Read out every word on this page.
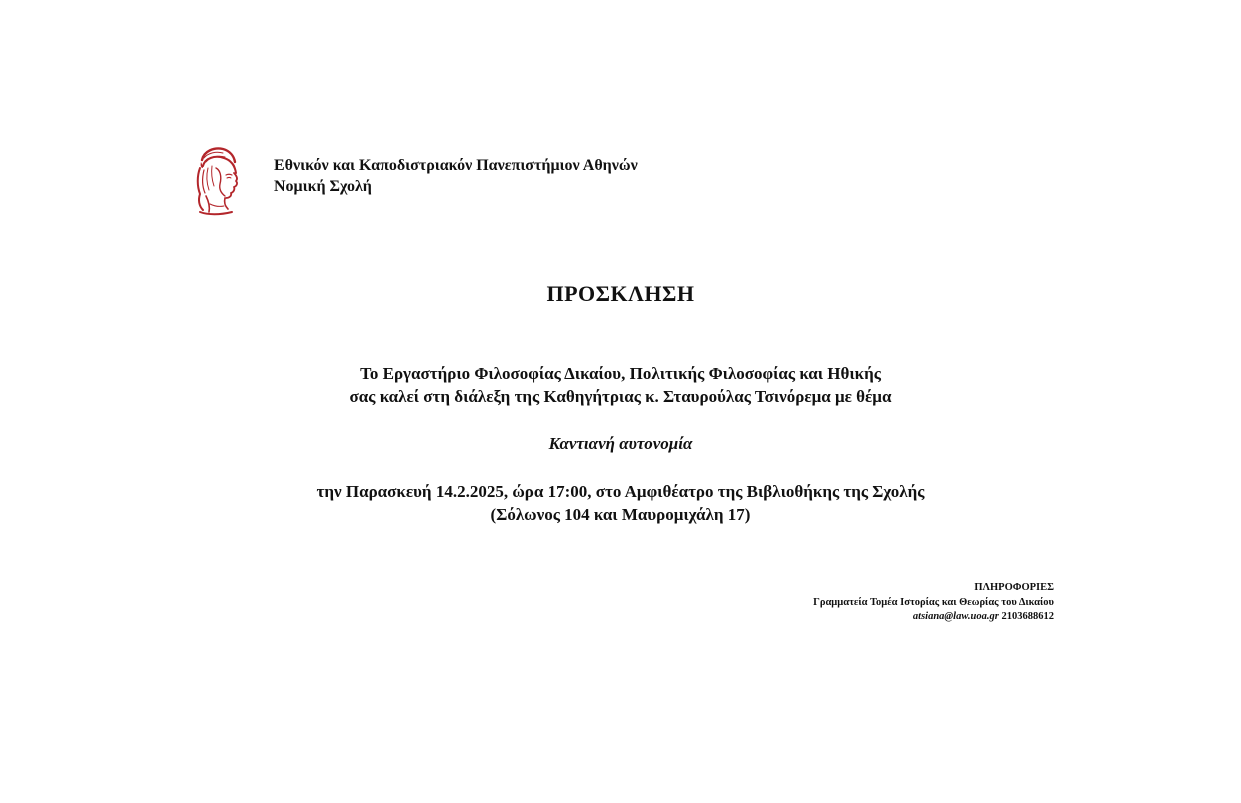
Εθνικόν και Καποδιστριακόν Πανεπιστήμιον Αθηνών
Νομική Σχολή
ΠΡΟΣΚΛΗΣΗ
Το Εργαστήριο Φιλοσοφίας Δικαίου, Πολιτικής Φιλοσοφίας και Ηθικής
σας καλεί στη διάλεξη της Καθηγήτριας κ. Σταυρούλας Τσινόρεμα με θέμα
Καντιανή αυτονομία
την Παρασκευή 14.2.2025, ώρα 17:00, στο Αμφιθέατρο της Βιβλιοθήκης της Σχολής
(Σόλωνος 104 και Μαυρομιχάλη 17)
ΠΛΗΡΟΦΟΡΙΕΣ
Γραμματεία Τομέα Ιστορίας και Θεωρίας του Δικαίου
atsiana@law.uoa.gr 2103688612
